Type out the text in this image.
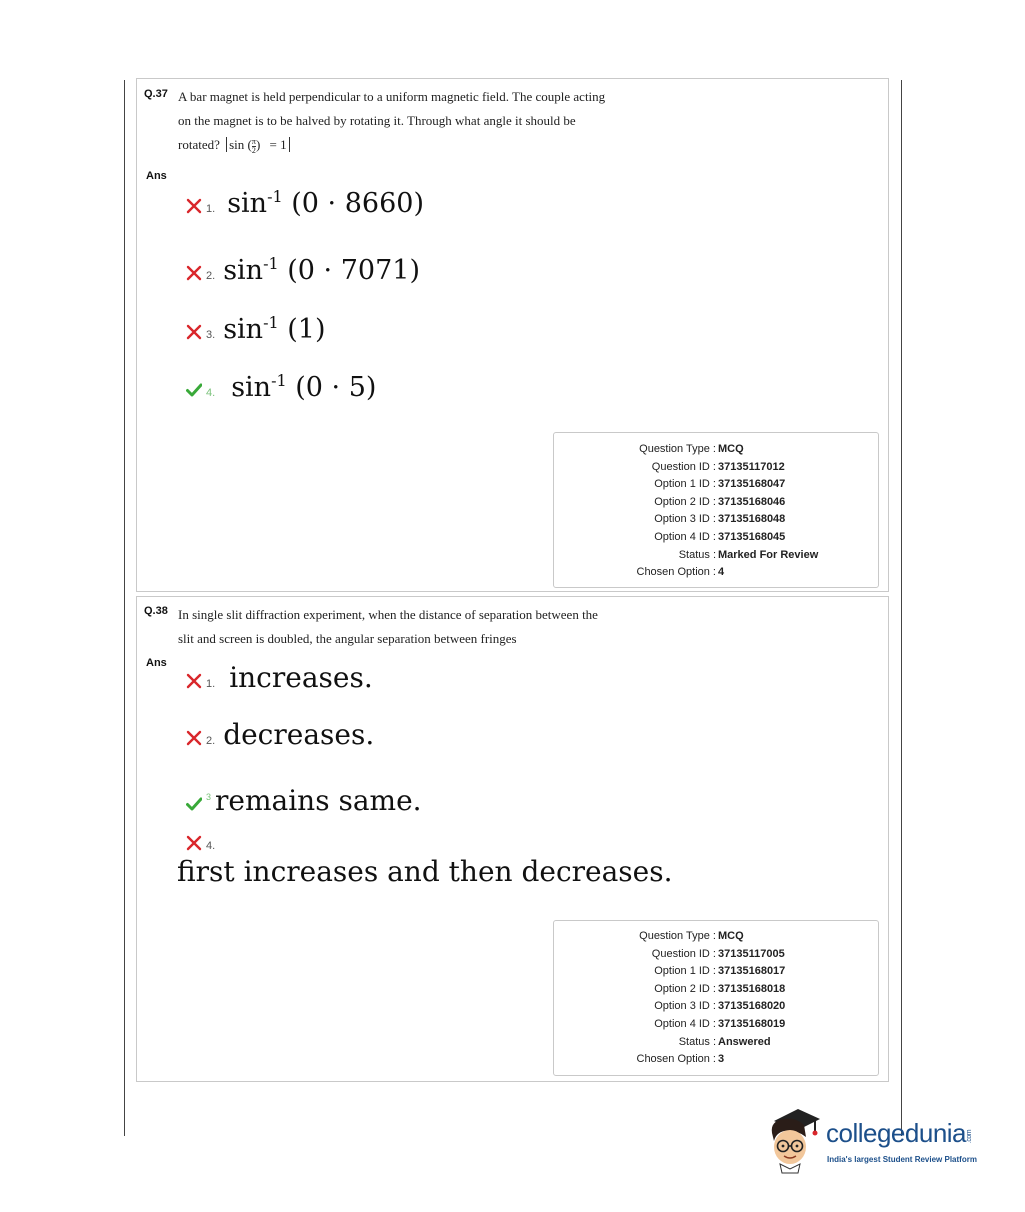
Q.37 A bar magnet is held perpendicular to a uniform magnetic field. The couple acting
on the magnet is to be halved by rotating it. Through what angle it should be
rotated? sin ( $\frac{\pi}{2}$ ) = 1
Ans
1. $\sin^{-1} (0 \cdot 8660)$
2. $\sin^{-1} (0 \cdot 7071)$
3. $\sin^{-1} (1)$
4. $\sin^{-1} (0 \cdot 5)$
Question Type : MCQ
Question ID : 37135117012
Option 1 ID : 37135168047
Option 2 ID : 37135168046
Option 3 ID : 37135168048
Option 4 ID : 37135168045
Status : Marked For Review
Chosen Option : 4
Q.38 In single slit diffraction experiment, when the distance of separation between the
slit and screen is doubled, the angular separation between fringes
Ans
1. increases.
2. decreases.
3 remains same.
4.
first increases and then decreases.
Question Type : MCQ
Question ID : 37135117005
Option 1 ID : 37135168017
Option 2 ID : 37135168018
Option 3 ID : 37135168020
Option 4 ID : 37135168019
Status : Answered
Chosen Option : 3
collegedunia.com
India's largest Student Review Platform
